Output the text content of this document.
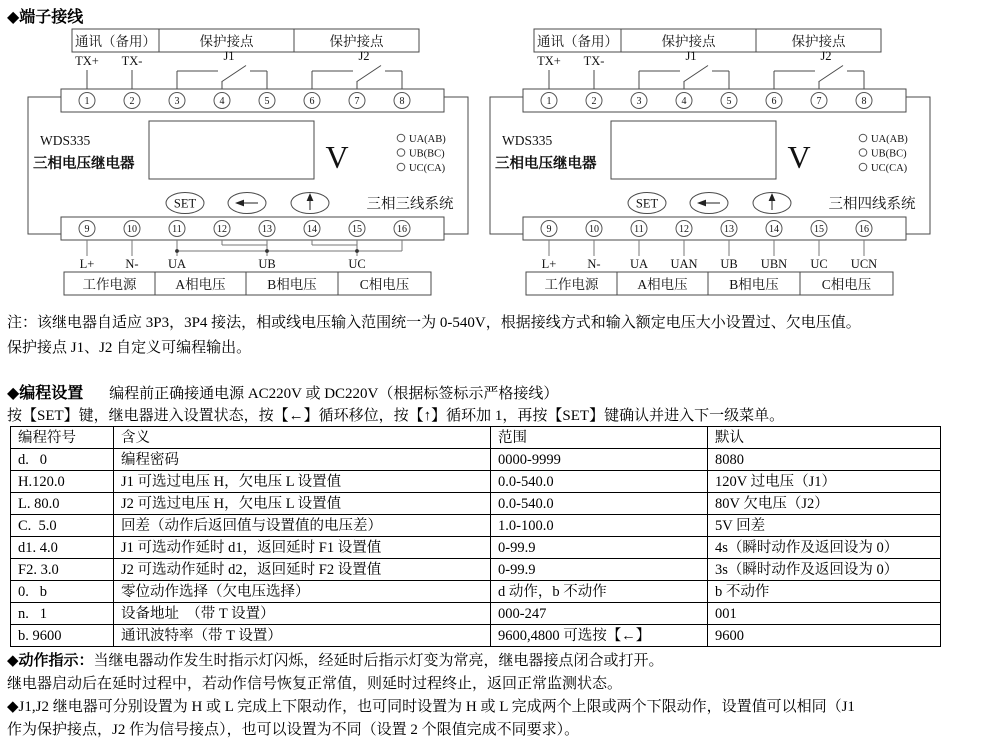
◆端子接线
通讯（备用）	保护接点	保护接点
TX+ TX-	J1	J2
1	2	3	4	5	6	7	8
9	10	11	12	13	14	15	16
WDS335
三相电压继电器	V	UA(AB)
UB(BC)
UC(CA)
SET	三相三线系统
L+ N- UA	UB	UC
工作电源	A相电压	B相电压	C相电压
通讯（备用）	保护接点	保护接点
TX+ TX-	J1	J2
1	2	3	4	5	6	7	8
9	10	11	12	13	14	15	16
WDS335
三相电压继电器	V	UA(AB)
UB(BC)
UC(CA)
SET	三相四线系统
L+ N- UA UAN UB UBN UC UCN
工作电源	A相电压	B相电压	C相电压
注：该继电器自适应 3P3，3P4 接法，相或线电压输入范围统一为 0-540V，根据接线方式和输入额定电压大小设置过、欠电压值。
保护接点 J1、J2 自定义可编程输出。
◆编程设置 编程前正确接通电源 AC220V 或 DC220V（根据标签标示严格接线）
按【SET】键，继电器进入设置状态，按【←】循环移位，按【↑】循环加 1，再按【SET】键确认并进入下一级菜单。
编程符号	含义	范围	默认
d.   0	编程密码	0000-9999	8080
H.120.0	J1 可选过电压 H，欠电压 L 设置值	0.0-540.0	120V 过电压（J1）
L. 80.0	J2 可选过电压 H，欠电压 L 设置值	0.0-540.0	80V 欠电压（J2）
C.  5.0	回差（动作后返回值与设置值的电压差）	1.0-100.0	5V 回差
d1. 4.0	J1 可选动作延时 d1，返回延时 F1 设置值	0-99.9	4s（瞬时动作及返回设为 0）
F2. 3.0	J2 可选动作延时 d2，返回延时 F2 设置值	0-99.9	3s（瞬时动作及返回设为 0）
0.   b	零位动作选择（欠电压选择）	d 动作，b 不动作	b 不动作
n.   1	设备地址　（带 T 设置）	000-247	001
b. 9600	通讯波特率（带 T 设置）	9600,4800 可选按【←】	9600
◆动作指示：当继电器动作发生时指示灯闪烁，经延时后指示灯变为常亮，继电器接点闭合或打开。
继电器启动后在延时过程中，若动作信号恢复正常值，则延时过程终止，返回正常监测状态。
◆J1,J2 继电器可分别设置为 H 或 L 完成上下限动作，也可同时设置为 H 或 L 完成两个上限或两个下限动作，设置值可以相同（J1
作为保护接点，J2 作为信号接点），也可以设置为不同（设置 2 个限值完成不同要求）。
